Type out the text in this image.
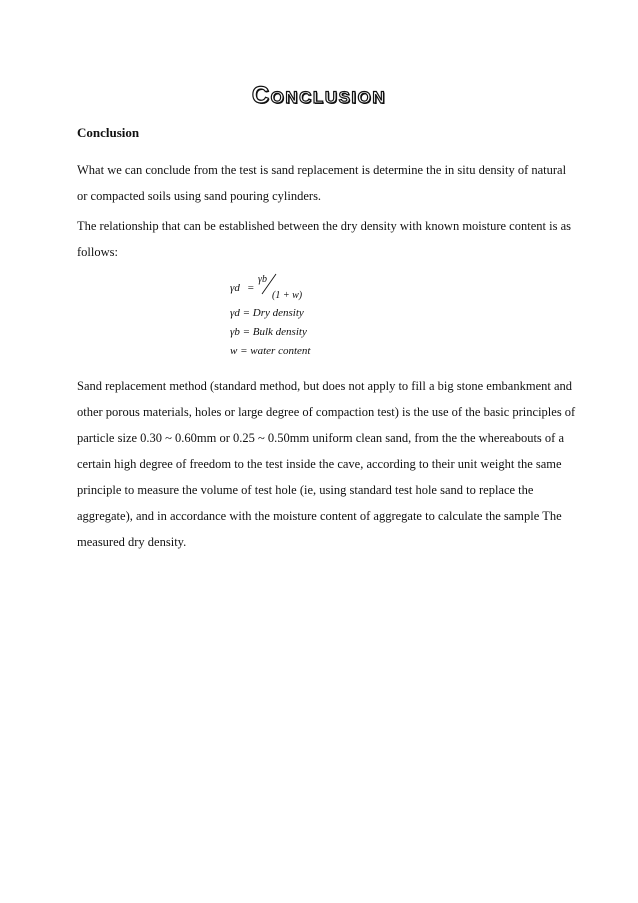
Conclusion
Conclusion

What we can conclude from the test is sand replacement is determine the in situ density of natural or compacted soils using sand pouring cylinders.

The relationship that can be established between the dry density with known moisture content is as follows:

γd =
γb
(1 + w)
γd = Dry density
γb = Bulk density
w = water content

Sand replacement method (standard method, but does not apply to fill a big stone embankment and other porous materials, holes or large degree of compaction test) is the use of the basic principles of particle size 0.30 ~ 0.60mm or 0.25 ~ 0.50mm uniform clean sand, from the the whereabouts of a certain high degree of freedom to the test inside the cave, according to their unit weight the same principle to measure the volume of test hole (ie, using standard test hole sand to replace the aggregate), and in accordance with the moisture content of aggregate to calculate the sample The measured dry density.
